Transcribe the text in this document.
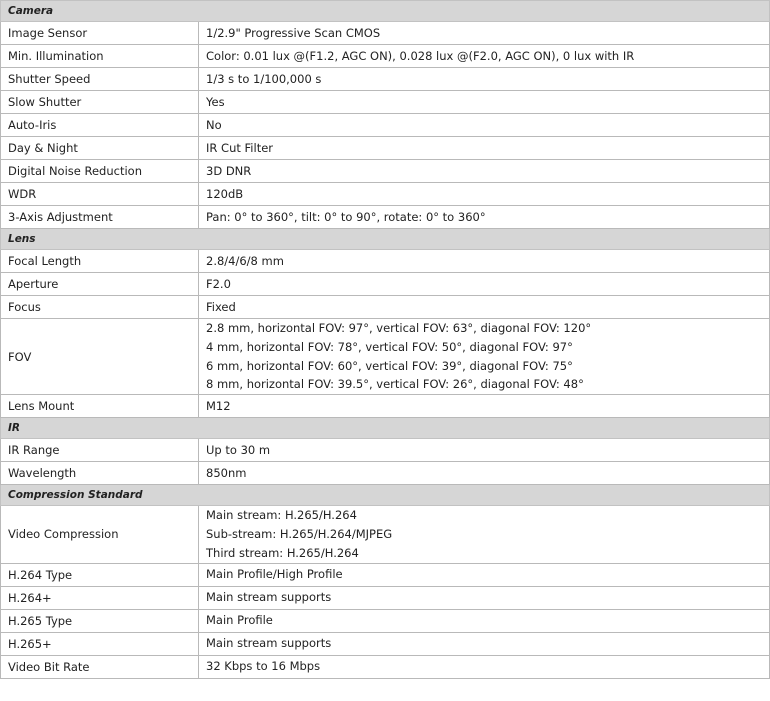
Camera	
Image Sensor	1/2.9" Progressive Scan CMOS

Min. Illumination	Color: 0.01 lux @(F1.2, AGC ON), 0.028 lux @(F2.0, AGC ON), 0 lux with IR

Shutter Speed	1/3 s to 1/100,000 s

Slow Shutter	Yes

Auto-Iris	No

Day & Night	IR Cut Filter

Digital Noise Reduction	3D DNR

WDR	120dB

3-Axis Adjustment	Pan: 0° to 360°, tilt: 0° to 90°, rotate: 0° to 360°

Lens	
Focal Length	2.8/4/6/8 mm

Aperture	F2.0

Focus	Fixed

FOV	2.8 mm, horizontal FOV: 97°, vertical FOV: 63°, diagonal FOV: 120°
4 mm, horizontal FOV: 78°, vertical FOV: 50°, diagonal FOV: 97°
6 mm, horizontal FOV: 60°, vertical FOV: 39°, diagonal FOV: 75°
8 mm, horizontal FOV: 39.5°, vertical FOV: 26°, diagonal FOV: 48°

Lens Mount	M12

IR	
IR Range	Up to 30 m

Wavelength	850nm

Compression Standard	
Video Compression	Main stream: H.265/H.264
Sub-stream: H.265/H.264/MJPEG
Third stream: H.265/H.264

H.264 Type	Main Profile/High Profile

H.264+	Main stream supports

H.265 Type	Main Profile

H.265+	Main stream supports

Video Bit Rate	32 Kbps to 16 Mbps
